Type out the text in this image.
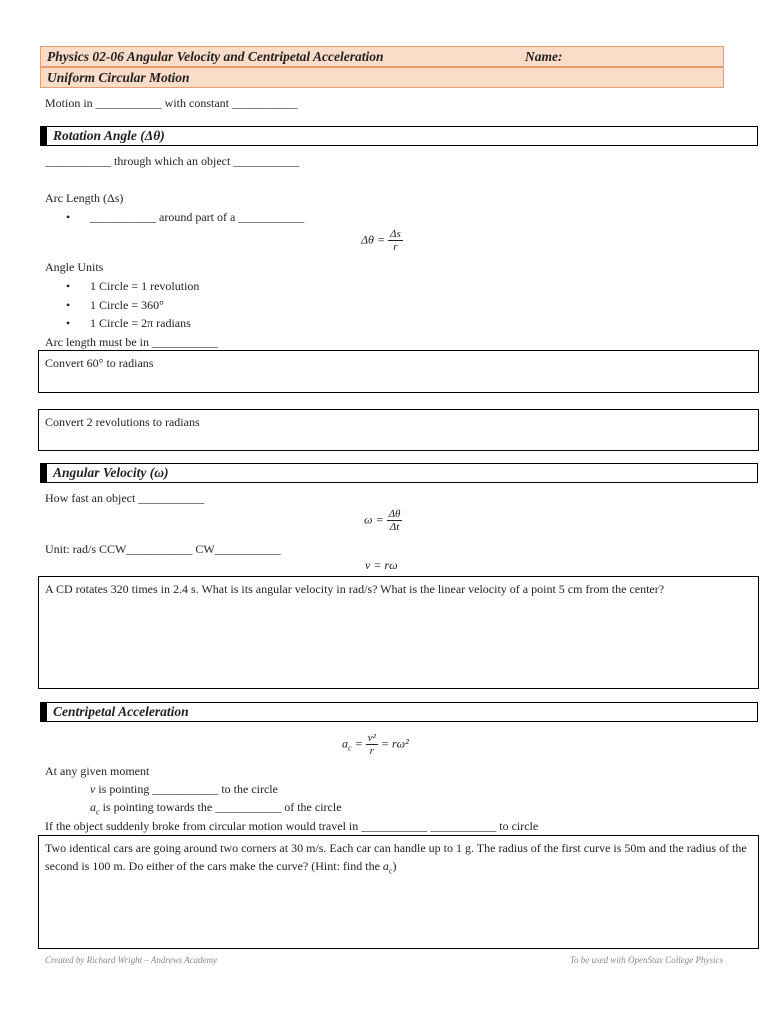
Physics 02-06 Angular Velocity and Centripetal Acceleration	Name:
Uniform Circular Motion
Motion in ___________ with constant ___________
Rotation Angle (Δθ)
___________ through which an object ___________
Arc Length (Δs)
• ___________ around part of a ___________
$\Delta\theta = \frac{\Delta s}{r}$
Angle Units
• 1 Circle = 1 revolution
• 1 Circle = 360°
• 1 Circle = 2π radians
Arc length must be in ___________
Convert 60° to radians
Convert 2 revolutions to radians
Angular Velocity (ω)
How fast an object ___________
$\omega = \frac{\Delta\theta}{\Delta t}$
Unit: rad/s CCW___________ CW___________
v = rω
A CD rotates 320 times in 2.4 s. What is its angular velocity in rad/s? What is the linear velocity of a point 5 cm from the center?
Centripetal Acceleration
$a_c = \frac{\text{v²}}{r} = r\omega^2$
At any given moment
v is pointing ___________ to the circle
$a_c$ is pointing towards the ___________ of the circle
If the object suddenly broke from circular motion would travel in ___________ ___________ to circle
Two identical cars are going around two corners at 30 m/s. Each car can handle up to 1 g. The radius of the first curve is 50m and the radius of the second is 100 m. Do either of the cars make the curve? (Hint: find the $a_c$)
Created by Richard Wright – Andrews Academy	To be used with OpenStax College Physics
